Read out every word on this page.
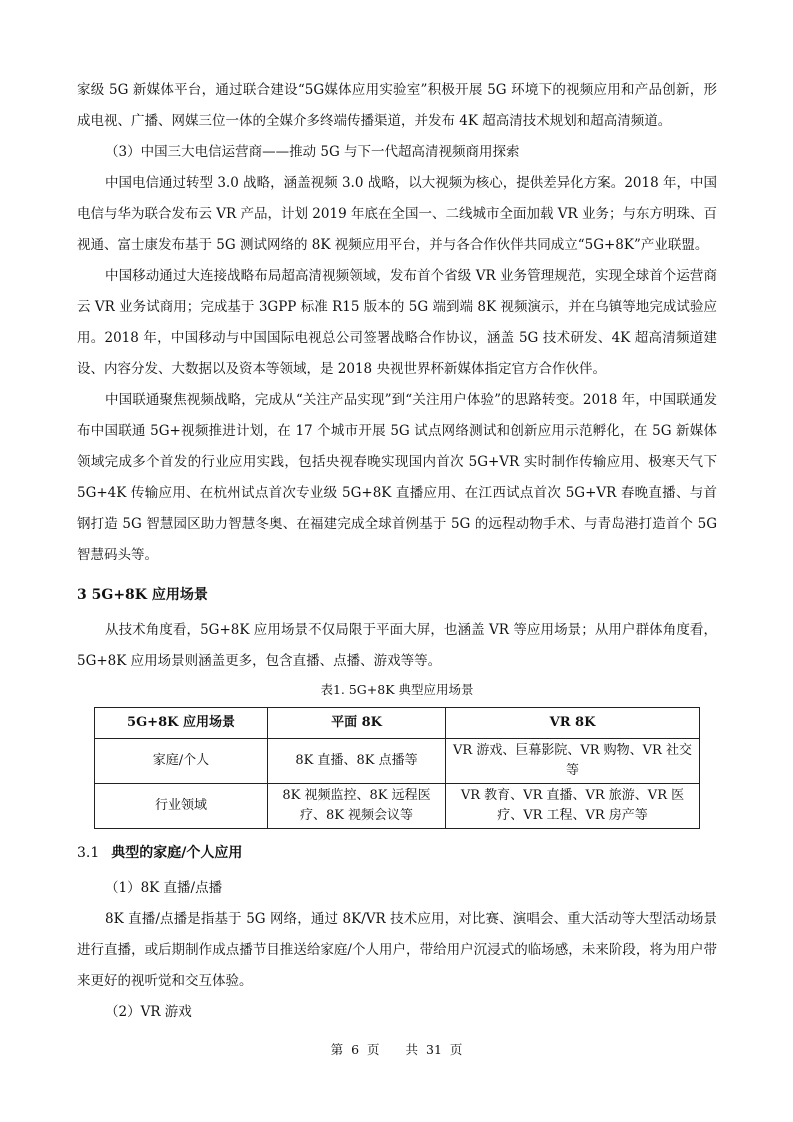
家级 5G 新媒体平台，通过联合建设“5G媒体应用实验室”积极开展 5G 环境下的视频应用和产品创新，形成电视、广播、网媒三位一体的全媒介多终端传播渠道，并发布 4K 超高清技术规划和超高清频道。

（3）中国三大电信运营商——推动 5G 与下一代超高清视频商用探索

中国电信通过转型 3.0 战略，涵盖视频 3.0 战略，以大视频为核心，提供差异化方案。2018 年，中国电信与华为联合发布云 VR 产品，计划 2019 年底在全国一、二线城市全面加载 VR 业务；与东方明珠、百视通、富士康发布基于 5G 测试网络的 8K 视频应用平台，并与各合作伙伴共同成立“5G+8K”产业联盟。

中国移动通过大连接战略布局超高清视频领域，发布首个省级 VR 业务管理规范，实现全球首个运营商云 VR 业务试商用；完成基于 3GPP 标准 R15 版本的 5G 端到端 8K 视频演示，并在乌镇等地完成试验应用。2018 年，中国移动与中国国际电视总公司签署战略合作协议，涵盖 5G 技术研发、4K 超高清频道建设、内容分发、大数据以及资本等领域，是 2018 央视世界杯新媒体指定官方合作伙伴。

中国联通聚焦视频战略，完成从“关注产品实现”到“关注用户体验”的思路转变。2018 年，中国联通发布中国联通 5G+视频推进计划，在 17 个城市开展 5G 试点网络测试和创新应用示范孵化，在 5G 新媒体领域完成多个首发的行业应用实践，包括央视春晚实现国内首次 5G+VR 实时制作传输应用、极寒天气下 5G+4K 传输应用、在杭州试点首次专业级 5G+8K 直播应用、在江西试点首次 5G+VR 春晚直播、与首钢打造 5G 智慧园区助力智慧冬奥、在福建完成全球首例基于 5G 的远程动物手术、与青岛港打造首个 5G 智慧码头等。

3 5G+8K 应用场景

从技术角度看，5G+8K 应用场景不仅局限于平面大屏，也涵盖 VR 等应用场景；从用户群体角度看，5G+8K 应用场景则涵盖更多，包含直播、点播、游戏等等。

表1. 5G+8K 典型应用场景
5G+8K 应用场景	平面 8K	VR 8K
家庭/个人	8K 直播、8K 点播等	VR 游戏、巨幕影院、VR 购物、VR 社交等
行业领域	8K 视频监控、8K 远程医疗、8K 视频会议等	VR 教育、VR 直播、VR 旅游、VR 医疗、VR 工程、VR 房产等
3.1 典型的家庭/个人应用

（1）8K 直播/点播

8K 直播/点播是指基于 5G 网络，通过 8K/VR 技术应用，对比赛、演唱会、重大活动等大型活动场景进行直播，或后期制作成点播节目推送给家庭/个人用户，带给用户沉浸式的临场感，未来阶段，将为用户带来更好的视听觉和交互体验。

（2）VR 游戏

第 6 页 共 31 页
